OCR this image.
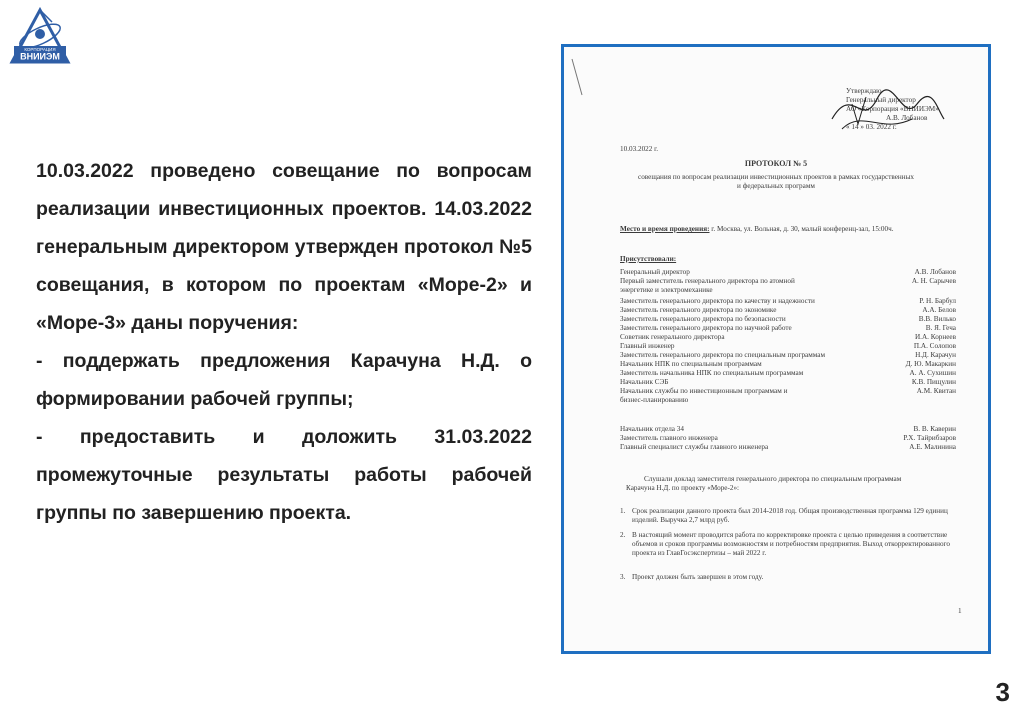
КОРПОРАЦИЯ
ВНИИЭМ

10.03.2022 проведено совещание по вопросам реализации инвестиционных проектов. 14.03.2022 генеральным директором утвержден протокол №5 совещания, в котором по проектам «Море-2» и «Море-3» даны поручения:

- поддержать предложения Карачуна Н.Д. о формировании рабочей группы;

- предоставить и доложить 31.03.2022 промежуточные результаты работы рабочей группы по завершению проекта.

Утверждаю
Генеральный директор
АО «Корпорация «ВНИИЭМ»
А.В. Лобанов
« 14 » 03. 2022 г.
10.03.2022 г.
ПРОТОКОЛ № 5
совещания по вопросам реализации инвестиционных проектов в рамках государственных
и федеральных программ
Место и время проведения: г. Москва, ул. Вольная, д. 30, малый конференц-зал, 15:00ч.
Присутствовали:
Генеральный директор	А.В. Лобанов
Первый заместитель генерального директора по атомной	А. Н. Сарычев
энергетике и электромеханике
Заместитель генерального директора по качеству и надежности	Р. Н. Барбул
Заместитель генерального директора по экономике	А.А. Белов
Заместитель генерального директора по безопасности	В.В. Вилько
Заместитель генерального директора по научной работе	В. Я. Геча
Советник генерального директора	И.А. Корнеев
Главный инженер	П.А. Солопов
Заместитель генерального директора по специальным программам	Н.Д. Карачун
Начальник НПК по специальным программам	Д. Ю. Макаркин
Заместитель начальника НПК по специальным программам	А. А. Сухишин
Начальник СЭБ	К.В. Пищулин
Начальник службы по инвестиционным программам и	А.М. Квитан
бизнес-планированию
Начальник отдела 34	В. В. Каверин
Заместитель главного инженера	Р.Х. Тайрибзаров
Главный специалист службы главного инженера	А.Е. Малинина
Слушали доклад заместителя генерального директора по специальным программам
Карачуна Н.Д. по проекту «Море-2»:
1. Срок реализации данного проекта был 2014-2018 год. Общая производственная программа 129 единиц изделий. Выручка 2,7 млрд руб.
2. В настоящий момент проводится работа по корректировке проекта с целью приведения в соответствие объемов и сроков программы возможностям и потребностям предприятия. Выход откорректированного проекта из ГлавГосэкспертизы – май 2022 г.
3. Проект должен быть завершен в этом году.
1
3
